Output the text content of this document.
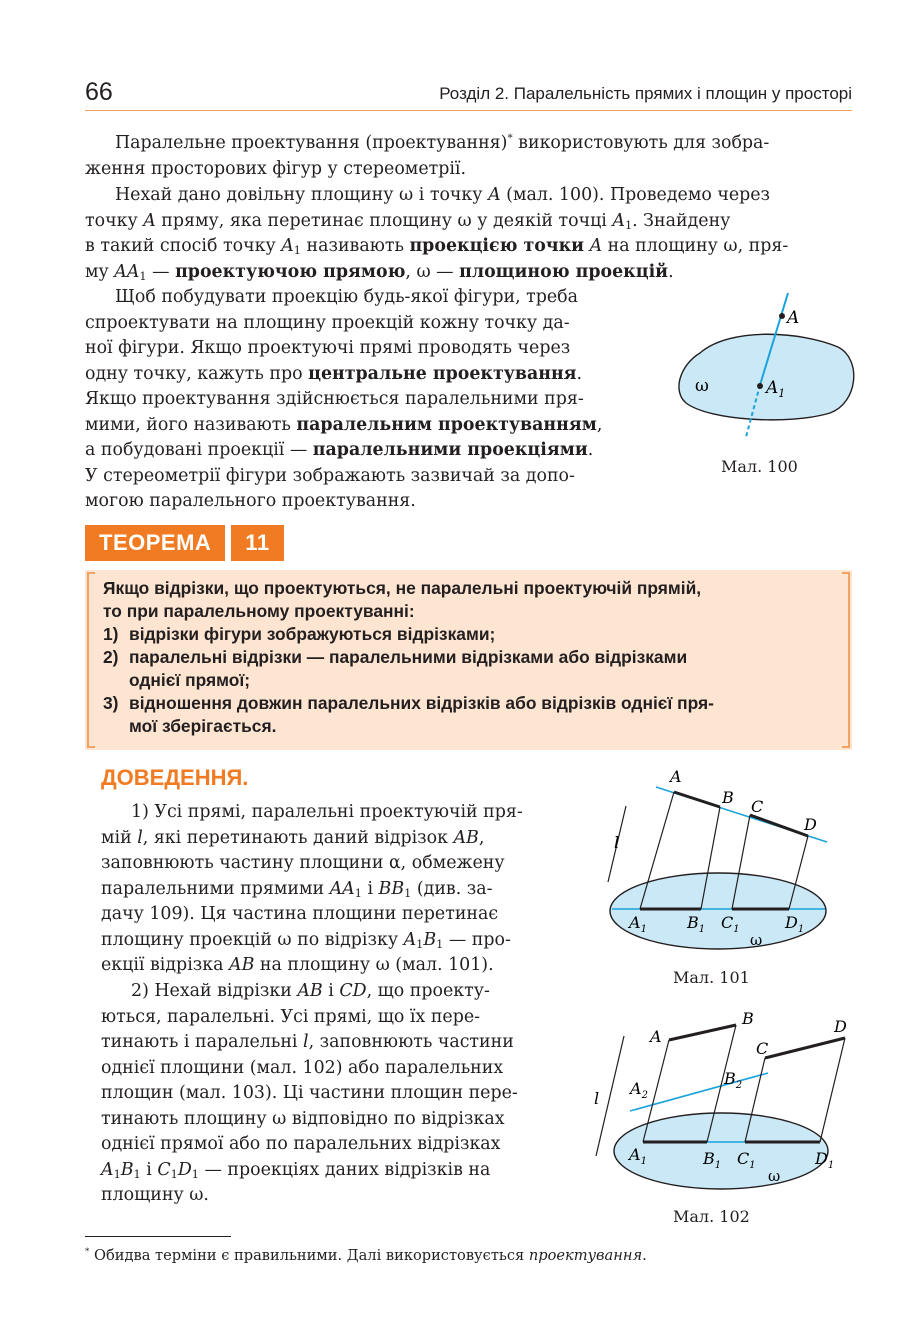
66	Розділ 2. Паралельність прямих і площин у просторі
Паралельне проектування (проектування)* використовують для зобра-
ження просторових фігур у стереометрії.
Нехай дано довільну площину ω і точку A (мал. 100). Проведемо через
точку A пряму, яка перетинає площину ω у деякій точці $A_1$. Знайдену
в такий спосіб точку $A_1$ називають проекцією точки A на площину ω, пря-
му $AA_1$ — проектуючою прямою, ω — площиною проекцій.
Щоб побудувати проекцію будь-якої фігури, треба
спроектувати на площину проекцій кожну точку да-
ної фігури. Якщо проектуючі прямі проводять через
одну точку, кажуть про центральне проектування.
Якщо проектування здійснюється паралельними пря-
мими, його називають паралельним проектуванням,
а побудовані проекції — паралельними проекціями.
У стереометрії фігури зображають зазвичай за допо-
могою паралельного проектування.
A
$A_1$
ω
Мал. 100
ТЕОРЕМА	11
Якщо відрізки, що проектуються, не паралельні проектуючій прямій,
то при паралельному проектуванні:
1) відрізки фігури зображуються відрізками;
2) паралельні відрізки — паралельними відрізками або відрізками
однієї прямої;
3) відношення довжин паралельних відрізків або відрізків однієї пря-
мої зберігається.
ДОВЕДЕННЯ.
1) Усі прямі, паралельні проектуючій пря-
мій l, які перетинають даний відрізок AB,
заповнюють частину площини α, обмежену
паралельними прямими $AA_1$ і $BB_1$ (див. за-
дачу 109). Ця частина площини перетинає
площину проекцій ω по відрізку $A_1B_1$ — про-
екції відрізка AB на площину ω (мал. 101).
2) Нехай відрізки AB і CD, що проекту-
ються, паралельні. Усі прямі, що їх пере-
тинають і паралельні l, заповнюють частини
однієї площини (мал. 102) або паралельних
площин (мал. 103). Ці частини площин пере-
тинають площину ω відповідно по відрізках
однієї прямої або по паралельних відрізках
$A_1B_1$ і $C_1D_1$ — проекціях даних відрізків на
площину ω.
A
B C
D
l
$A_1$	$B_1$ $C_1$	$D_1$
ω
Мал. 101
A
B
C
D
l
$A_2$
$B_2$
$A_1$	$B_1$ $C_1$	$D_1$
ω
Мал. 102
* Обидва терміни є правильними. Далі використовується проектування.
